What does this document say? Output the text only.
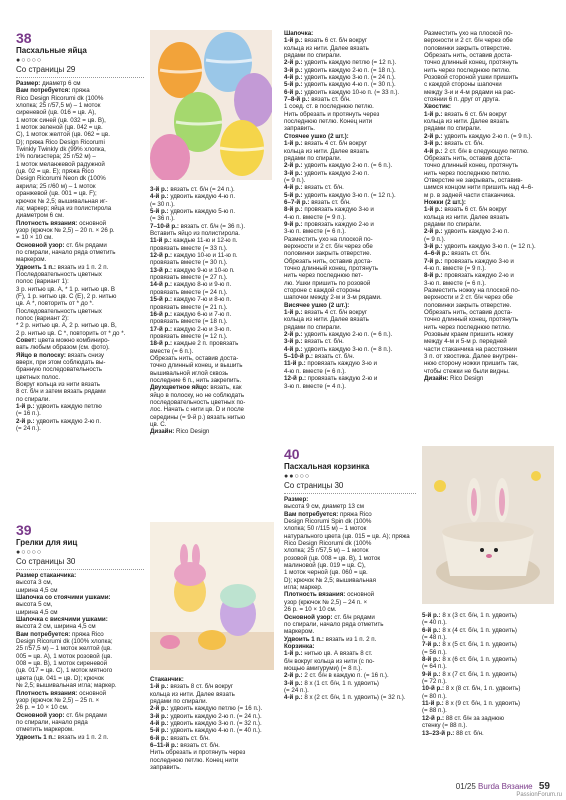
38

Пасхальные яйца

●○○○○

Со страницы 29

Размер: диаметр 6 см

Вам потребуется: пряжа

Rico Design Ricorumi dk (100%

хлопка; 25 г/57,5 м) – 1 моток

сиреневой (цв. 016 = цв. А),

1 моток синей (цв. 032 = цв. В),

1 моток зеленой (цв. 042 = цв.

С), 1 моток желтой (цв. 062 = цв.

D); пряжа Rico Design Ricorumi

Twinkly Twinkly dk (99% хлопка,

1% полиэстера; 25 г/52 м) –

1 моток меланжевой радужной

(цв. 02 = цв. Е); пряжа Rico

Design Ricorumi Neon dk (100%

акрила; 25 г/60 м) – 1 моток

оранжевой (цв. 001 = цв. F);

крючок № 2,5; вышивальная иг-

ла; маркер; яйца из полистирола

диаметром 6 см.

Плотность вязания: основной

узор (крючок № 2,5) – 20 п. × 26 р.

= 10 × 10 см.

Основной узор: ст. б/н рядами

по спирали, начало ряда отметить

маркером.

Удвоить 1 п.: вязать из 1 п. 2 п.

Последовательность цветных

полос (вариант 1):

3 р. нитью цв. А, * 1 р. нитью цв. В

(F), 1 р. нитью цв. С (Е), 2 р. нитью

цв. А *, повторить от * до *.

Последовательность цветных

полос (вариант 2):

* 2 р. нитью цв. А, 2 р. нитью цв. В,

2 р. нитью цв. С *, повторить от * до *.

Совет: цвета можно комбиниро-

вать любым образом (см. фото).

Яйцо в полоску: вязать снизу

вверх, при этом соблюдать вы-

бранную последовательность

цветных полос.

Вокруг кольца из нити вязать

8 ст. б/н и затем вязать рядами

по спирали.

1-й р.: удвоить каждую петлю

(= 16 п.).

2-й р.: удвоить каждую 2-ю п.

(= 24 п.).

3-й р.: вязать ст. б/н (= 24 п.).

4-й р.: удвоить каждую 4-ю п.

(= 30 п.).

5-й р.: удвоить каждую 5-ю п.

(= 36 п.).

7–10-й р.: вязать ст. б/н (= 36 п.).

Вставить яйцо из полистирола.

11-й р.: каждые 11-ю и 12-ю п.

провязать вместе (= 33 п.).

12-й р.: каждую 10-ю и 11-ю п.

провязать вместе (= 30 п.).

13-й р.: каждую 9-ю и 10-ю п.

провязать вместе (= 27 п.).

14-й р.: каждую 8-ю и 9-ю п.

провязать вместе (= 24 п.).

15-й р.: каждую 7-ю и 8-ю п.

провязать вместе (= 21 п.).

16-й р.: каждую 6-ю и 7-ю п.

провязать вместе (= 18 п.).

17-й р.: каждую 2-ю и 3-ю п.

провязать вместе (= 12 п.).

18-й р.: каждые 2 п. провязать

вместе (= 6 п.).

Обрезать нить, оставив доста-

точно длинный конец, и вышить

вышивальной иглой сквозь

последние 6 п., нить закрепить.

Двухцветное яйцо: вязать, как

яйцо в полоску, но не соблюдать

последовательность цветных по-

лос. Начать с нити цв. D и после

середины (= 9-й р.) вязать нитью

цв. С.

Дизайн: Rico Design

Шапочка:

1-й р.: вязать 6 ст. б/н вокруг

кольца из нити. Далее вязать

рядами по спирали.

2-й р.: удвоить каждую петлю (= 12 п.).

3-й р.: удвоить каждую 2-ю п. (= 18 п.).

4-й р.: удвоить каждую 3-ю п. (= 24 п.).

5-й р.: удвоить каждую 4-ю п. (= 30 п.).

6-й р.: удвоить каждую 10-ю п. (= 33 п.).

7–8-й р.: вязать ст. б/н.

1 соед. ст. в последнюю петлю.

Нить обрезать и протянуть через

последнюю петлю. Конец нити

заправить.

Стоячее ушко (2 шт.):

1-й р.: вязать 4 ст. б/н вокруг

кольца из нити. Далее вязать

рядами по спирали.

2-й р.: удвоить каждую 2-ю п. (= 6 п.).

3-й р.: удвоить каждую 2-ю п.

(= 9 п.).

4-й р.: вязать ст. б/н.

5-й р.: удвоить каждую 3-ю п. (= 12 п.).

6–7-й р.: вязать ст. б/н.

8-й р.: провязать каждую 3-ю и

4-ю п. вместе (= 9 п.).

9-й р.: провязать каждую 2-ю и

3-ю п. вместе (= 6 п.).

Разместить ухо на плоской по-

верхности и 2 ст. б/н через обе

половинки закрыть отверстие.

Обрезать нить, оставив доста-

точно длинный конец, протянуть

нить через последнюю пет-

лю. Ушки пришить по розовой

стороне с каждой стороны

шапочки между 2-м и 3-м рядами.

Висячее ушко (2 шт.):

1-й р.: вязать 4 ст. б/н вокруг

кольца из нити. Далее вязать

рядами по спирали.

2-й р.: удвоить каждую 2-ю п. (= 6 п.).

3-й р.: вязать ст. б/н.

4-й р.: удвоить каждую 3-ю п. (= 8 п.).

5–10-й р.: вязать ст. б/н.

11-й р.: провязать каждую 3-ю и

4-ю п. вместе (= 6 п.).

12-й р.: провязать каждую 2-ю и

3-ю п. вместе (= 4 п.).

Разместить ухо на плоской по-

верхности и 2 ст. б/н через обе

половинки закрыть отверстие.

Обрезать нить, оставив доста-

точно длинный конец, протянуть

нить через последнюю петлю.

Розовой стороной ушки пришить

с каждой стороны шапочки

между 3-и и 4-м рядами на рас-

стоянии 6 п. друг от друга.

Хвостик:

1-й р.: вязать 6 ст. б/н вокруг

кольца из нити. Далее вязать

рядами по спирали.

2-й р.: удвоить каждую 2-ю п. (= 9 п.).

3-й р.: вязать ст. б/н.

4-й р.: 2 ст. б/н в следующую петлю.

Обрезать нить, оставив доста-

точно длинный конец, протянуть

нить через последнюю петлю.

Отверстие не закрывать, оставив-

шимся концом нити пришить над 4–6-

м р. в задней части стаканчика.

Ножки (2 шт.):

1-й р.: вязать 6 ст. б/н вокруг

кольца из нити. Далее вязать

рядами по спирали.

2-й р.: удвоить каждую 2-ю п.

(= 9 п.).

3-й р.: удвоить каждую 3-ю п. (= 12 п.).

4–6-й р.: вязать ст. б/н.

7-й р.: провязать каждую 3-ю и

4-ю п. вместе (= 9 п.).

8-й р.: провязать каждую 2-ю и

3-ю п. вместе (= 6 п.).

Разместить ножку на плоской по-

верхности и 2 ст. б/н через обе

половинки закрыть отверстие.

Обрезать нить, оставив доста-

точно длинный конец, протянуть

нить через последнюю петлю.

Розовым краем пришить ножку

между 4-м и 5-м р. передней

части стаканчика на расстоянии

3 п. от хвостика. Далее внутрен-

нюю сторону ножки пришить так,

чтобы стежки не были видны.

Дизайн: Rico Design

39

Грелки для яиц

●○○○○

Со страницы 30

Размер стаканчика:

высота 3 см,

ширина 4,5 см

Шапочка со стоячими ушками:

высота 5 см,

ширина 4,5 см

Шапочка с висячими ушками:

высота 2 см, ширина 4,5 см

Вам потребуется: пряжа Rico

Design Ricorumi dk (100% хлопка;

25 г/57,5 м) – 1 моток желтой (цв.

005 = цв. А), 1 моток розовой (цв.

008 = цв. В), 1 моток сиреневой

(цв. 017 = цв. С), 1 моток мятного

цвета (цв. 041 = цв. D); крючок

№ 2,5; вышивальная игла; маркер.

Плотность вязания: основной

узор (крючок № 2,5) – 25 п. ×

26 р. = 10 × 10 см.

Основной узор: ст. б/н рядами

по спирали, начало ряда

отметить маркером.

Удвоить 1 п.: вязать из 1 п. 2 п.

Стаканчик:

1-й р.: вязать 8 ст. б/н вокруг

кольца из нити. Далее вязать

рядами по спирали.

2-й р.: удвоить каждую петлю (= 16 п.).

3-й р.: удвоить каждую 2-ю п. (= 24 п.).

4-й р.: удвоить каждую 3-ю п. (= 32 п.).

5-й р.: удвоить каждую 4-ю п. (= 40 п.).

6-й р.: вязать ст. б/н.

6–11-й р.: вязать ст. б/н.

Нить обрезать и протянуть через

последнюю петлю. Конец нити

заправить.

40

Пасхальная корзинка

●●○○○

Со страницы 30

Размер:

высота 9 см, диаметр 13 см

Вам потребуется: пряжа Rico

Design Ricorumi Spin dk (100%

хлопка; 50 г/115 м) – 1 моток

натурального цвета (цв. 015 = цв. А); пряжа

Rico Design Ricorumi dk (100%

хлопка; 25 г/57,5 м) – 1 моток

розовой (цв. 008 = цв. В), 1 моток

малиновой (цв. 019 = цв. С),

1 моток черной (цв. 060 = цв.

D); крючок № 2,5; вышивальная

игла; маркер.

Плотность вязания: основной

узор (крючок № 2,5) – 24 п. ×

26 р. = 10 × 10 см.

Основной узор: ст. б/н рядами

по спирали, начало ряда отметить

маркером.

Удвоить 1 п.: вязать из 1 п. 2 п.

Корзинка:

1-й р.: нитью цв. А вязать 8 ст.

б/н вокруг кольца из нити (с по-

мощью амигуруми) (= 8 п.).

2-й р.: 2 ст. б/н в каждую п. (= 16 п.).

3-й р.: 8 х (1 ст. б/н, 1 п. удвоить)

(= 24 п.).

4-й р.: 8 х (2 ст. б/н, 1 п. удвоить) (= 32 п.).

5-й р.: 8 х (3 ст. б/н, 1 п. удвоить)

(= 40 п.).

6-й р.: 8 х (4 ст. б/н, 1 п. удвоить)

(= 48 п.).

7-й р.: 8 х (5 ст. б/н, 1 п. удвоить)

(= 56 п.).

8-й р.: 8 х (6 ст. б/н, 1 п. удвоить)

(= 64 п.).

9-й р.: 8 х (7 ст. б/н, 1 п. удвоить)

(= 72 п.).

10-й р.: 8 х (8 ст. б/н, 1 п. удвоить)

(= 80 п.).

11-й р.: 8 х (9 ст. б/н, 1 п. удвоить)

(= 88 п.).

12-й р.: 88 ст. б/н за заднюю

стенку (= 88 п.).

13–23-й р.: 88 ст. б/н.

01/25 Burda Вязание 59
PassionForum.ru
